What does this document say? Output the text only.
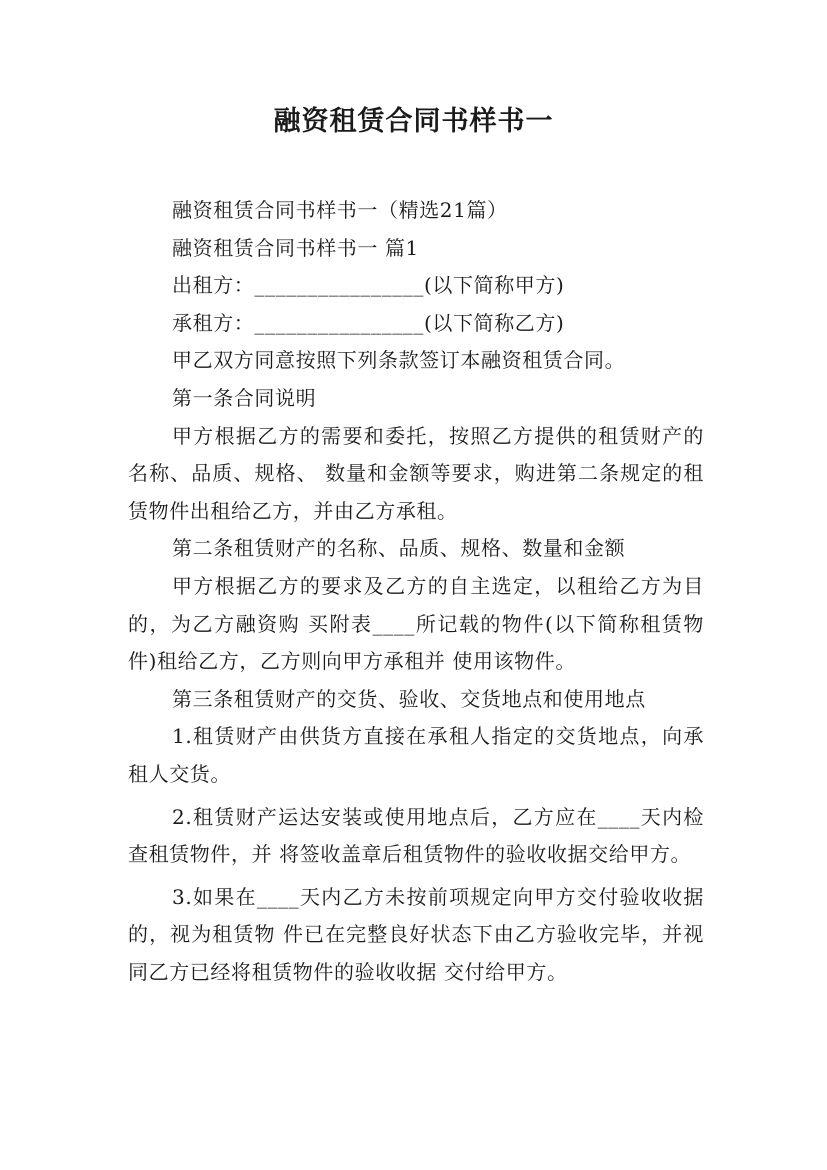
融资租赁合同书样书一

融资租赁合同书样书一（精选21篇）

融资租赁合同书样书一 篇1

出租方：________________(以下简称甲方)

承租方：________________(以下简称乙方)

甲乙双方同意按照下列条款签订本融资租赁合同。

第一条合同说明

甲方根据乙方的需要和委托，按照乙方提供的租赁财产的名称、品质、规格、 数量和金额等要求，购进第二条规定的租赁物件出租给乙方，并由乙方承租。

第二条租赁财产的名称、品质、规格、数量和金额

甲方根据乙方的要求及乙方的自主选定，以租给乙方为目的，为乙方融资购 买附表____所记载的物件(以下简称租赁物件)租给乙方，乙方则向甲方承租并 使用该物件。

第三条租赁财产的交货、验收、交货地点和使用地点

1.租赁财产由供货方直接在承租人指定的交货地点，向承租人交货。

2.租赁财产运达安装或使用地点后，乙方应在____天内检查租赁物件，并 将签收盖章后租赁物件的验收收据交给甲方。

3.如果在____天内乙方未按前项规定向甲方交付验收收据的，视为租赁物 件已在完整良好状态下由乙方验收完毕，并视同乙方已经将租赁物件的验收收据 交付给甲方。
